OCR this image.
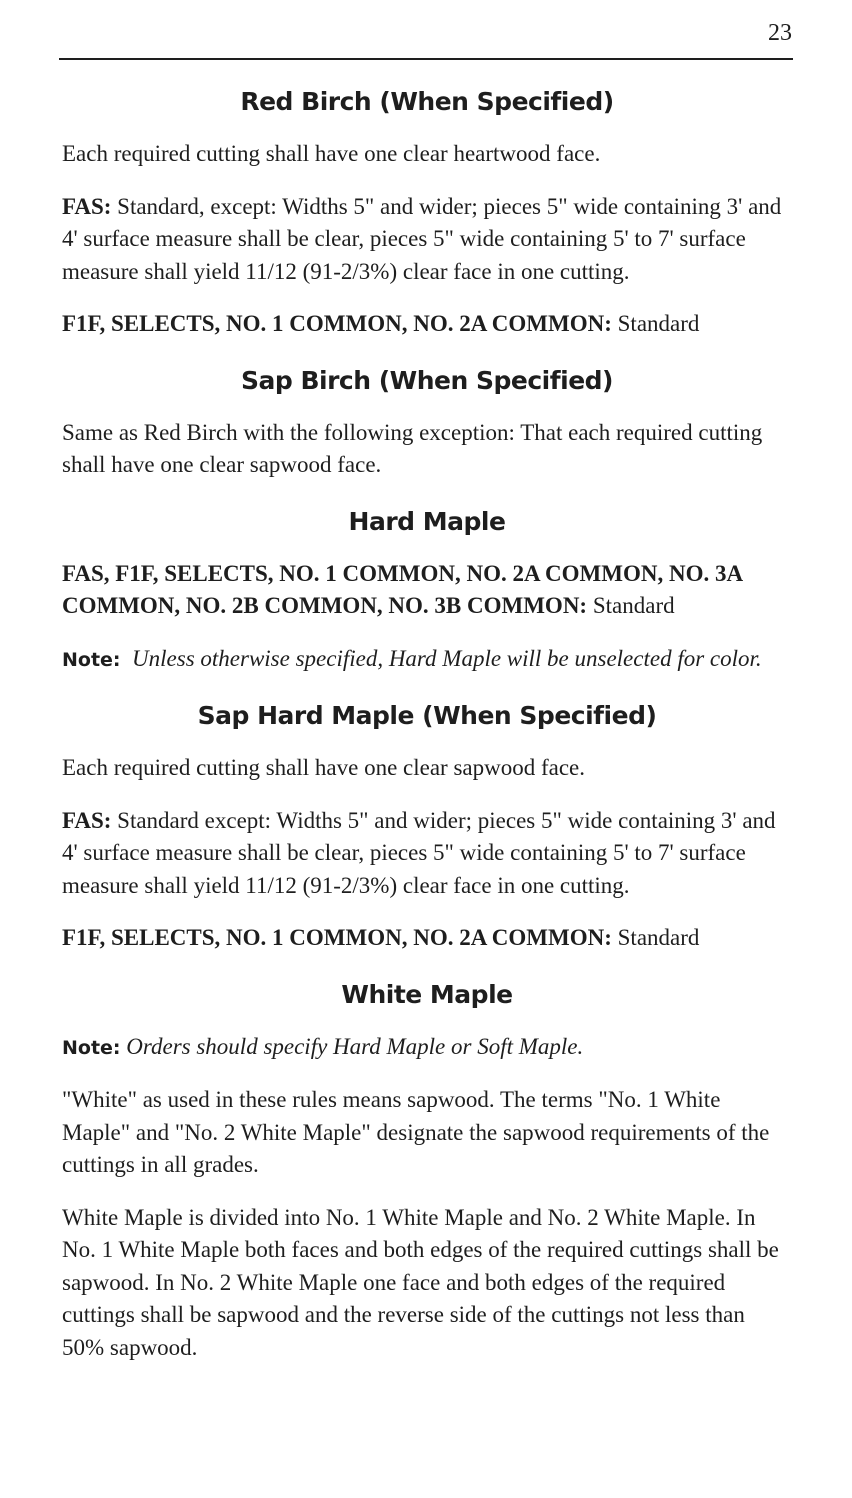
23
Red Birch (When Specified)

Each required cutting shall have one clear heartwood face.

FAS: Standard, except: Widths 5" and wider; pieces 5" wide containing 3' and 4' surface measure shall be clear, pieces 5" wide containing 5' to 7' surface measure shall yield 11/12 (91-2/3%) clear face in one cutting.

F1F, SELECTS, NO. 1 COMMON, NO. 2A COMMON: Standard

Sap Birch (When Specified)

Same as Red Birch with the following exception: That each required cutting shall have one clear sapwood face.

Hard Maple

FAS, F1F, SELECTS, NO. 1 COMMON, NO. 2A COMMON, NO. 3A COMMON, NO. 2B COMMON, NO. 3B COMMON: Standard

Note: Unless otherwise specified, Hard Maple will be unselected for color.

Sap Hard Maple (When Specified)

Each required cutting shall have one clear sapwood face.

FAS: Standard except: Widths 5" and wider; pieces 5" wide containing 3' and 4' surface measure shall be clear, pieces 5" wide containing 5' to 7' surface measure shall yield 11/12 (91-2/3%) clear face in one cutting.

F1F, SELECTS, NO. 1 COMMON, NO. 2A COMMON: Standard

White Maple

Note: Orders should specify Hard Maple or Soft Maple.

"White" as used in these rules means sapwood. The terms "No. 1 White Maple" and "No. 2 White Maple" designate the sapwood requirements of the cuttings in all grades.

White Maple is divided into No. 1 White Maple and No. 2 White Maple. In No. 1 White Maple both faces and both edges of the required cuttings shall be sapwood. In No. 2 White Maple one face and both edges of the required cuttings shall be sapwood and the reverse side of the cuttings not less than 50% sapwood.
